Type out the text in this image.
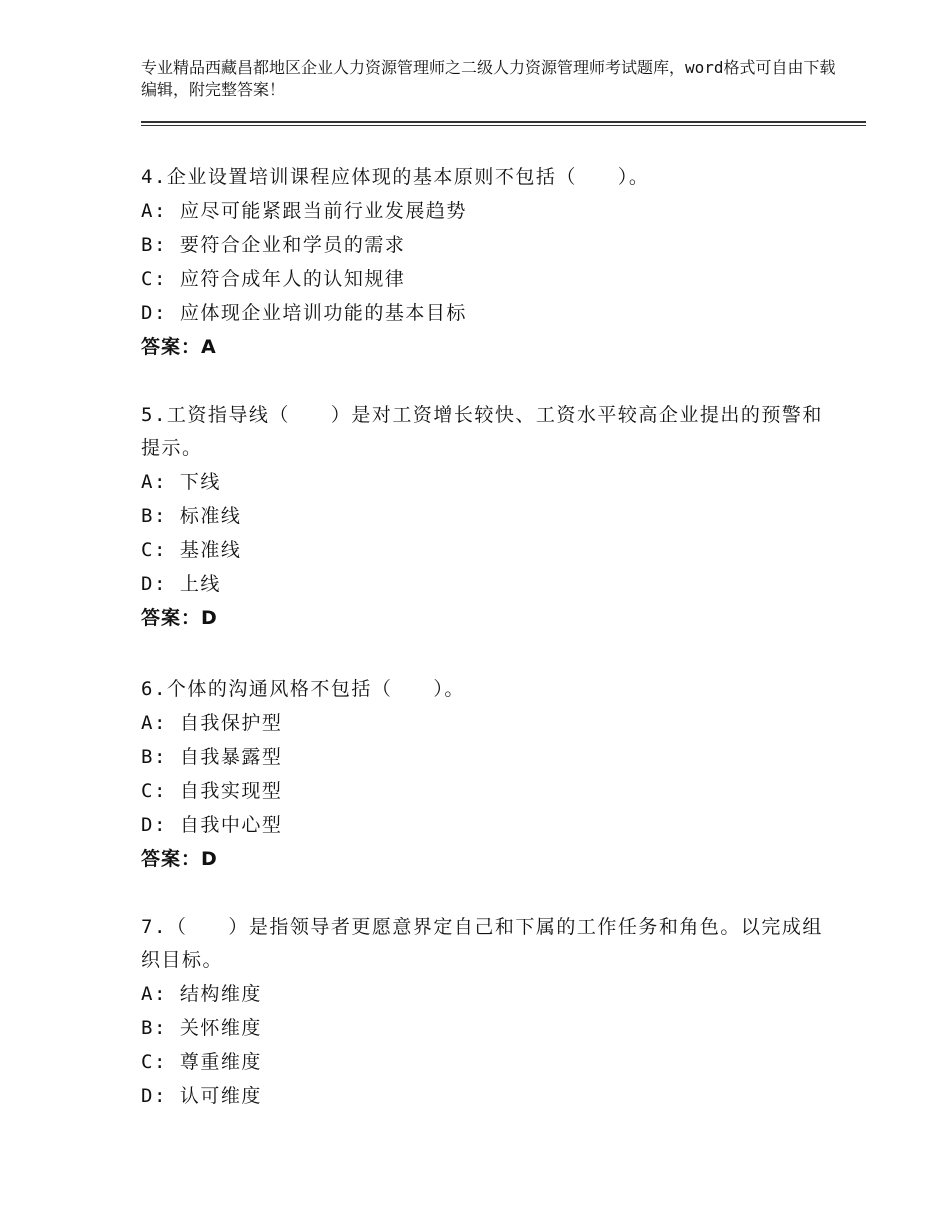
专业精品西藏昌都地区企业人力资源管理师之二级人力资源管理师考试题库，word格式可自由下载编辑，附完整答案！
4.企业设置培训课程应体现的基本原则不包括（　　）。
A: 应尽可能紧跟当前行业发展趋势
B: 要符合企业和学员的需求
C: 应符合成年人的认知规律
D: 应体现企业培训功能的基本目标
答案：A
5.工资指导线（　　）是对工资增长较快、工资水平较高企业提出的预警和提示。
A: 下线
B: 标准线
C: 基准线
D: 上线
答案：D
6.个体的沟通风格不包括（　　）。
A: 自我保护型
B: 自我暴露型
C: 自我实现型
D: 自我中心型
答案：D
7.（　　）是指领导者更愿意界定自己和下属的工作任务和角色。以完成组织目标。
A: 结构维度
B: 关怀维度
C: 尊重维度
D: 认可维度
